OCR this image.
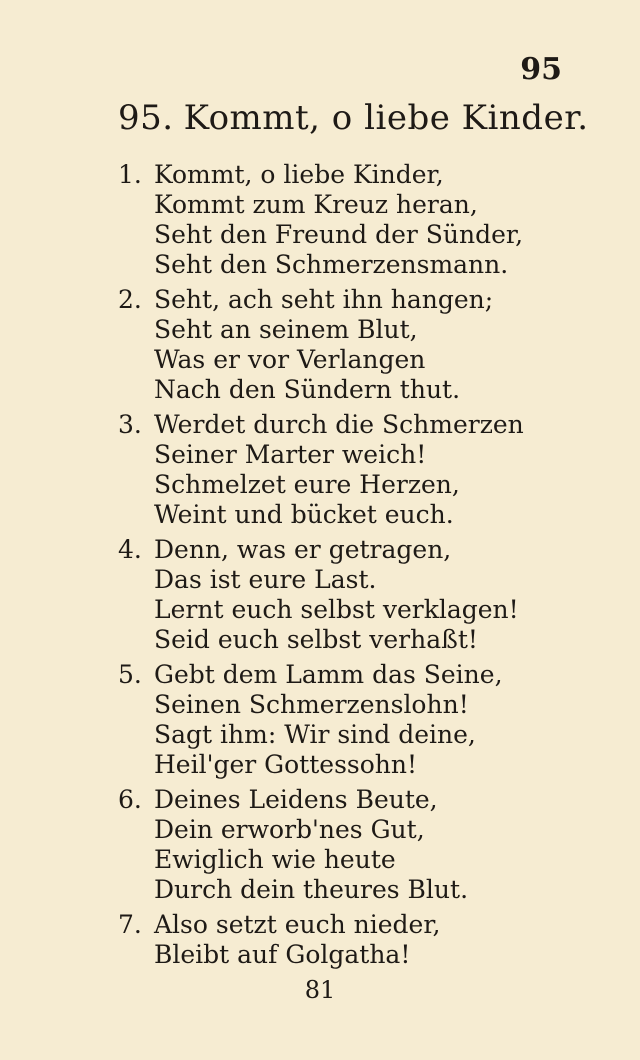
95
95. Kommt, o liebe Kinder.
1. Kommt, o liebe Kinder,
Kommt zum Kreuz heran,
Seht den Freund der Sünder,
Seht den Schmerzensmann.
2. Seht, ach seht ihn hangen;
Seht an seinem Blut,
Was er vor Verlangen
Nach den Sündern thut.
3. Werdet durch die Schmerzen
Seiner Marter weich!
Schmelzet eure Herzen,
Weint und bücket euch.
4. Denn, was er getragen,
Das ist eure Last.
Lernt euch selbst verklagen!
Seid euch selbst verhaßt!
5. Gebt dem Lamm das Seine,
Seinen Schmerzenslohn!
Sagt ihm: Wir sind deine,
Heil'ger Gottessohn!
6. Deines Leidens Beute,
Dein erworb'nes Gut,
Ewiglich wie heute
Durch dein theures Blut.
7. Also setzt euch nieder,
Bleibt auf Golgatha!
81
